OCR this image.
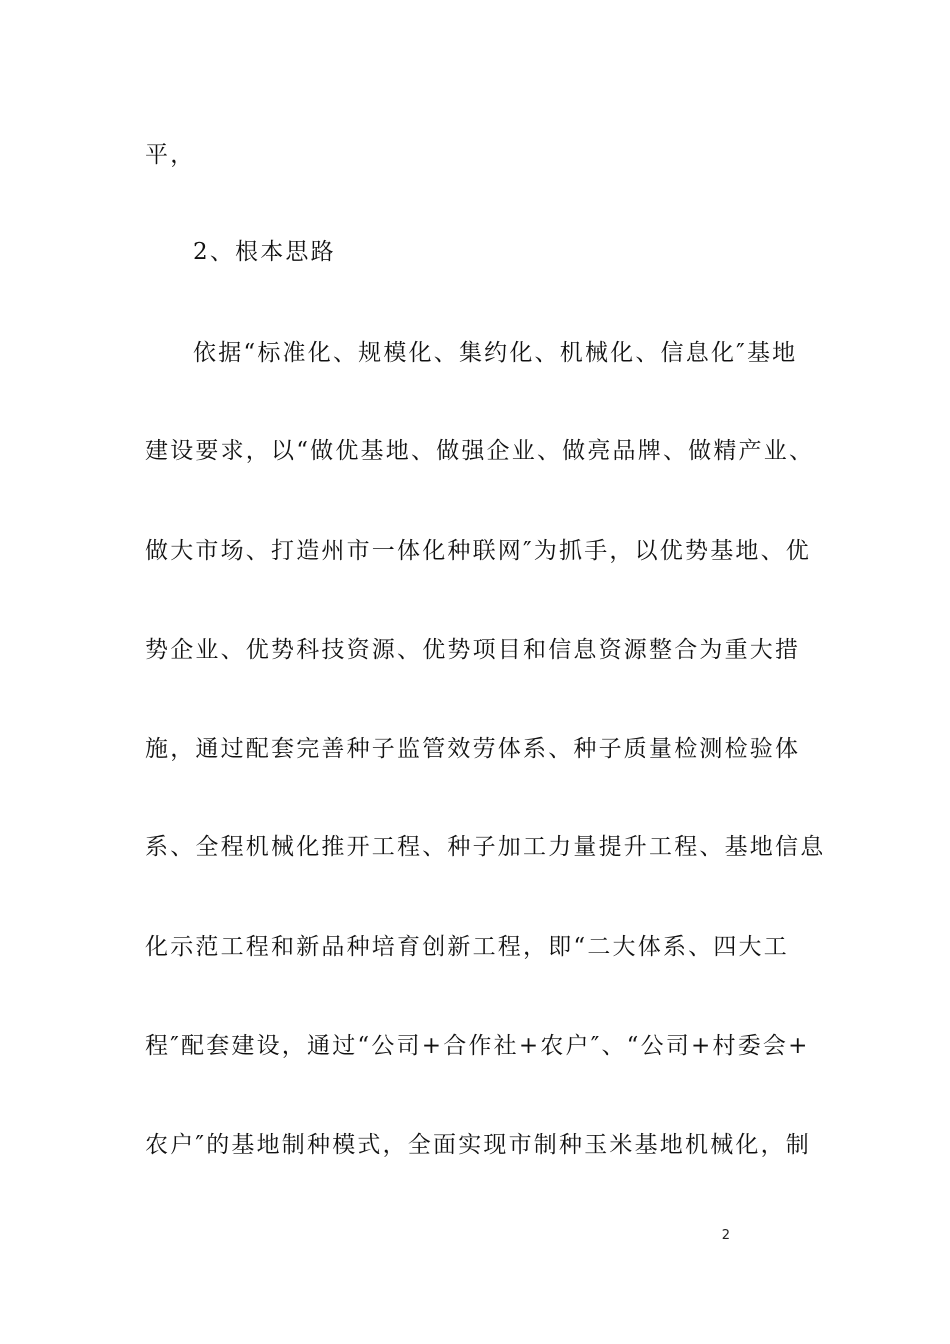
平，
2、根本思路
依据“标准化、规模化、集约化、机械化、信息化″基地
建设要求，以“做优基地、做强企业、做亮品牌、做精产业、
做大市场、打造州市一体化种联网″为抓手，以优势基地、优
势企业、优势科技资源、优势项目和信息资源整合为重大措
施，通过配套完善种子监管效劳体系、种子质量检测检验体
系、全程机械化推开工程、种子加工力量提升工程、基地信息
化示范工程和新品种培育创新工程，即“二大体系、四大工
程″配套建设，通过“公司+合作社+农户″、“公司+村委会+
农户″的基地制种模式，全面实现市制种玉米基地机械化，制
2
